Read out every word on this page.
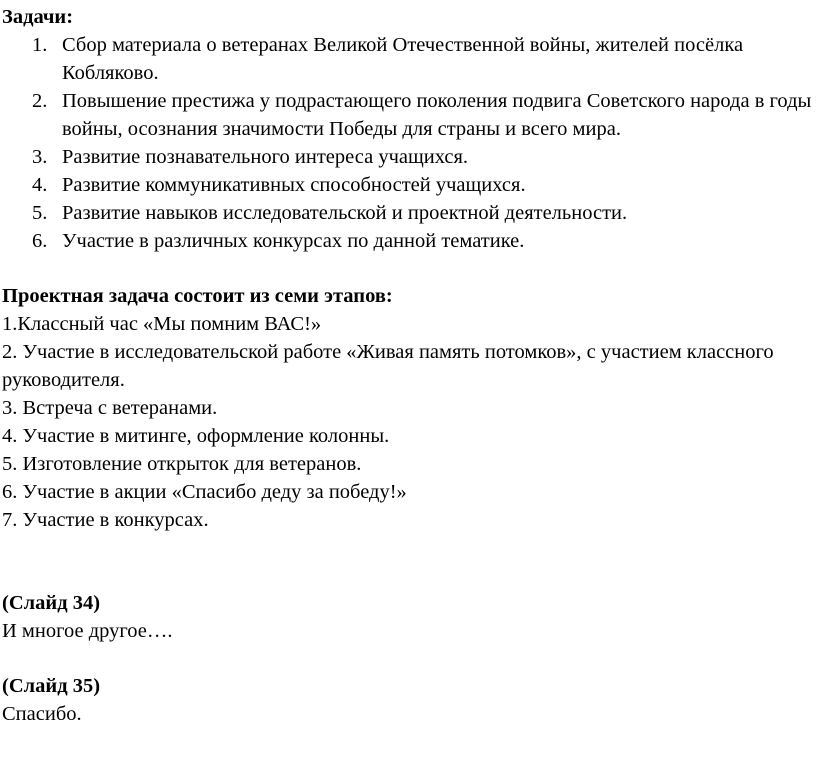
Задачи:

1. Сбор материала о ветеранах Великой Отечественной войны, жителей посёлка Кобляково.
2. Повышение престижа у подрастающего поколения подвига Советского народа в годы войны, осознания значимости Победы для страны и всего мира.
3. Развитие познавательного интереса учащихся.
4. Развитие коммуникативных способностей учащихся.
5. Развитие навыков исследовательской и проектной деятельности.
6. Участие в различных конкурсах по данной тематике.

Проектная задача состоит из семи этапов:

1.Классный час «Мы помним ВАС!»

2. Участие в исследовательской работе «Живая память потомков», с участием классного руководителя.

3. Встреча с ветеранами.

4. Участие в митинге, оформление колонны.

5. Изготовление открыток для ветеранов.

6. Участие в акции «Спасибо деду за победу!»

7. Участие в конкурсах.

(Слайд 34)

И многое другое….

(Слайд 35)

Спасибо.
